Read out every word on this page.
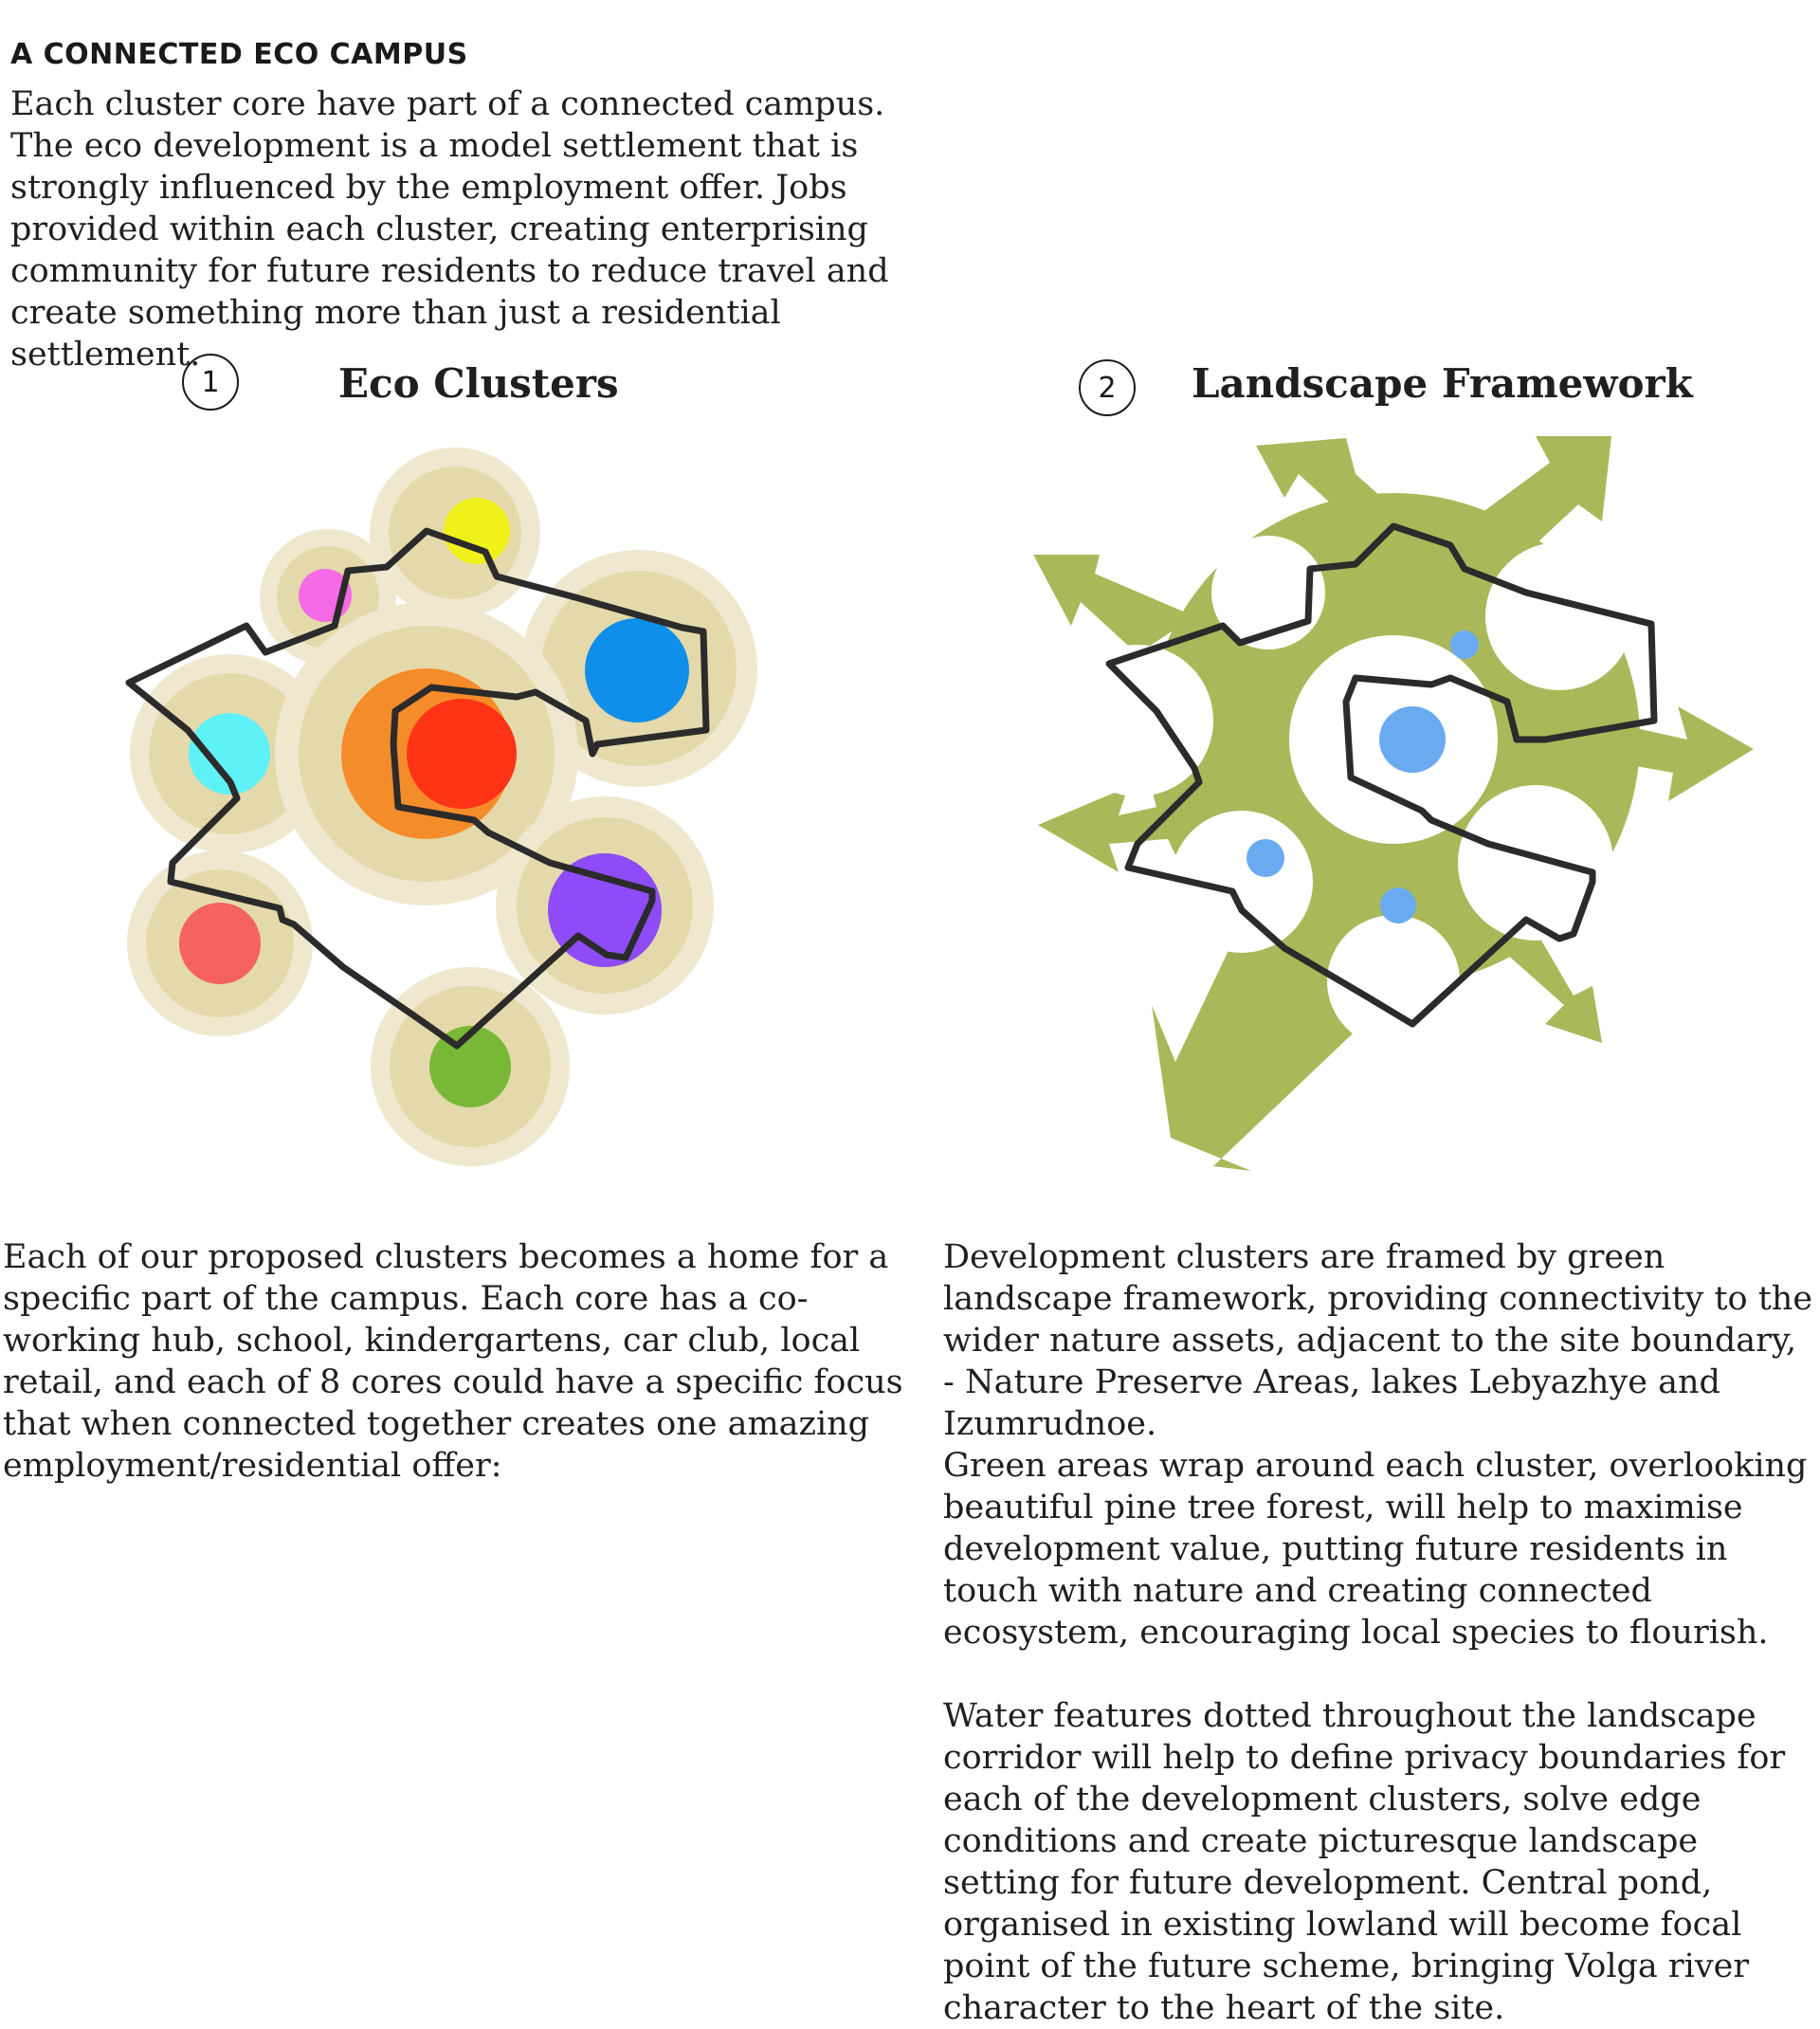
A CONNECTED ECO CAMPUS
Each cluster core have part of a connected campus. The eco development is a model settlement that is strongly influenced by the employment offer. Jobs provided within each cluster, creating enterprising community for future residents to reduce travel and create something more than just a residential settlement.
1	Eco Clusters	2	Landscape Framework
Each of our proposed clusters becomes a home for a specific part of the campus. Each core has a co-working hub, school, kindergartens, car club, local retail, and each of 8 cores could have a specific focus that when connected together creates one amazing employment/residential offer:

Development clusters are framed by green landscape framework, providing connectivity to the wider nature assets, adjacent to the site boundary, - Nature Preserve Areas, lakes Lebyazhye and Izumrudnoe.

Green areas wrap around each cluster, overlooking beautiful pine tree forest, will help to maximise development value, putting future residents in touch with nature and creating connected ecosystem, encouraging local species to flourish.

Water features dotted throughout the landscape corridor will help to define privacy boundaries for each of the development clusters, solve edge conditions and create picturesque landscape setting for future development. Central pond, organised in existing lowland will become focal point of the future scheme, bringing Volga river character to the heart of the site.
